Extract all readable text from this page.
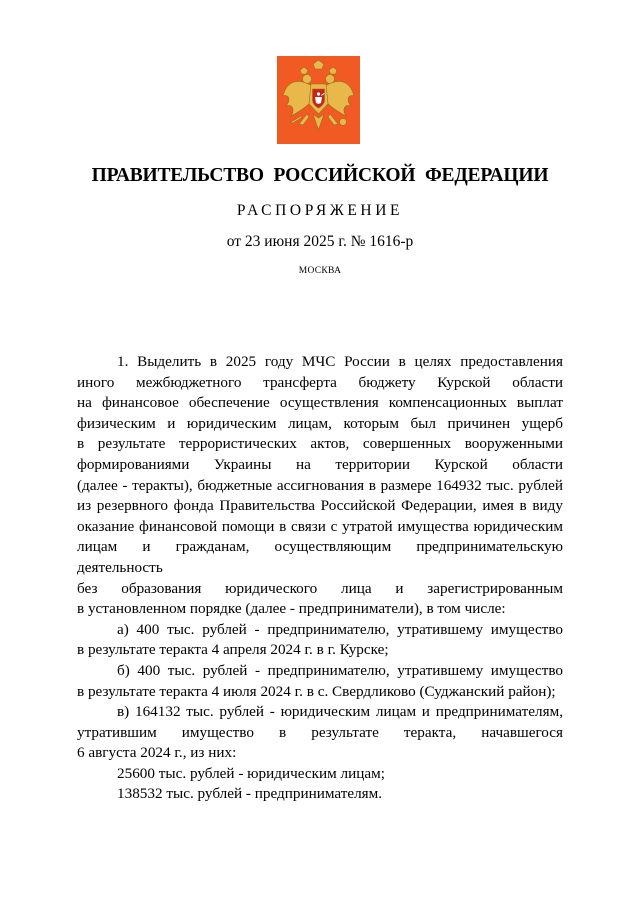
ПРАВИТЕЛЬСТВО РОССИЙСКОЙ ФЕДЕРАЦИИ
РАСПОРЯЖЕНИЕ
от 23 июня 2025 г. № 1616-р
МОСКВА
1. Выделить в 2025 году МЧС России в целях предоставления
иного межбюджетного трансферта бюджету Курской области
на финансовое обеспечение осуществления компенсационных выплат
физическим и юридическим лицам, которым был причинен ущерб
в результате террористических актов, совершенных вооруженными
формированиями Украины на территории Курской области
(далее - теракты), бюджетные ассигнования в размере 164932 тыс. рублей
из резервного фонда Правительства Российской Федерации, имея в виду
оказание финансовой помощи в связи с утратой имущества юридическим
лицам и гражданам, осуществляющим предпринимательскую деятельность
без образования юридического лица и зарегистрированным
в установленном порядке (далее - предприниматели), в том числе:
а) 400 тыс. рублей - предпринимателю, утратившему имущество
в результате теракта 4 апреля 2024 г. в г. Курске;
б) 400 тыс. рублей - предпринимателю, утратившему имущество
в результате теракта 4 июля 2024 г. в с. Свердликово (Суджанский район);
в) 164132 тыс. рублей - юридическим лицам и предпринимателям,
утратившим имущество в результате теракта, начавшегося
6 августа 2024 г., из них:
25600 тыс. рублей - юридическим лицам;
138532 тыс. рублей - предпринимателям.
